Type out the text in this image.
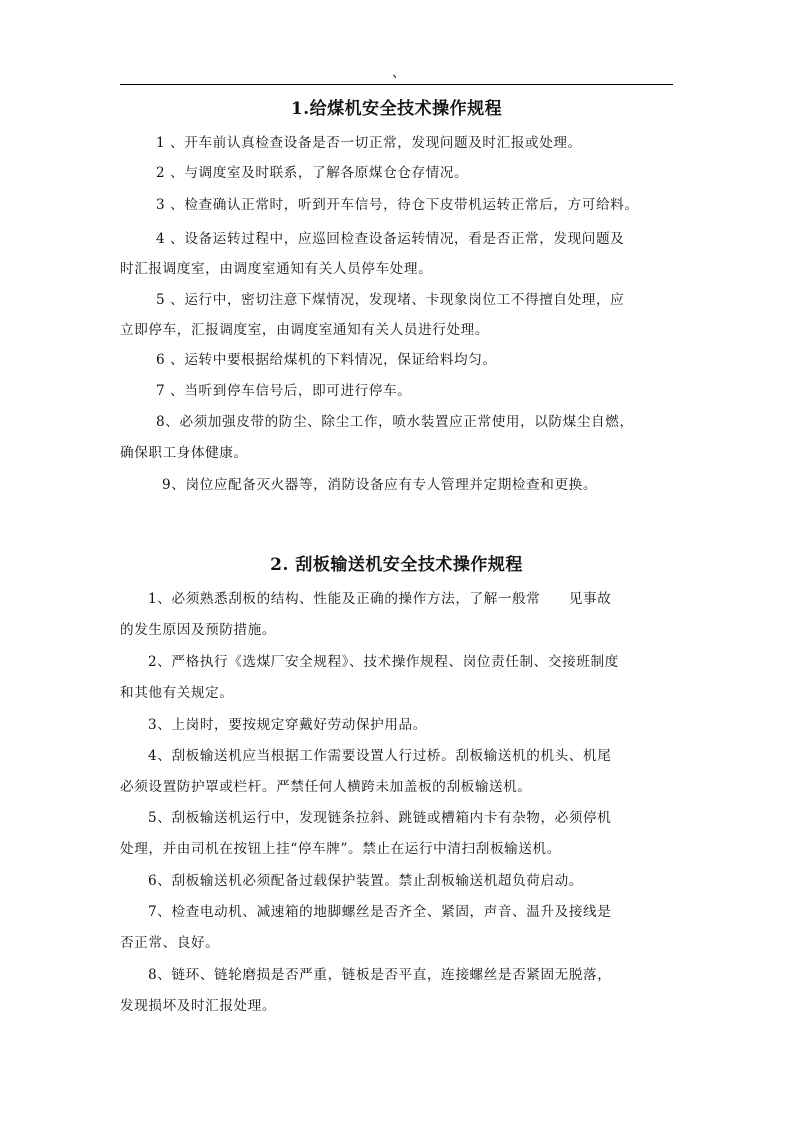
、
1.给煤机安全技术操作规程
1 、开车前认真检查设备是否一切正常，发现问题及时汇报或处理。
2 、与调度室及时联系，了解各原煤仓仓存情况。
3 、检查确认正常时，听到开车信号，待仓下皮带机运转正常后，方可给料。
4 、设备运转过程中，应巡回检查设备运转情况，看是否正常，发现问题及
时汇报调度室，由调度室通知有关人员停车处理。
5 、运行中，密切注意下煤情况，发现堵、卡现象岗位工不得擅自处理，应
立即停车，汇报调度室，由调度室通知有关人员进行处理。
6 、运转中要根据给煤机的下料情况，保证给料均匀。
7 、当听到停车信号后，即可进行停车。
8、必须加强皮带的防尘、除尘工作，喷水装置应正常使用，以防煤尘自燃，
确保职工身体健康。
9、岗位应配备灭火器等，消防设备应有专人管理并定期检查和更换。
2. 刮板输送机安全技术操作规程
1、必须熟悉刮板的结构、性能及正确的操作方法，了解一般常　　见事故
的发生原因及预防措施。
2、严格执行《选煤厂安全规程》、技术操作规程、岗位责任制、交接班制度
和其他有关规定。
3、上岗时，要按规定穿戴好劳动保护用品。
4、刮板输送机应当根据工作需要设置人行过桥。刮板输送机的机头、机尾
必须设置防护罩或栏杆。严禁任何人横跨未加盖板的刮板输送机。
5、刮板输送机运行中，发现链条拉斜、跳链或槽箱内卡有杂物，必须停机
处理，并由司机在按钮上挂“停车牌”。禁止在运行中清扫刮板输送机。
6、刮板输送机必须配备过载保护装置。禁止刮板输送机超负荷启动。
7、检查电动机、减速箱的地脚螺丝是否齐全、紧固，声音、温升及接线是
否正常、良好。
8、链环、链轮磨损是否严重，链板是否平直，连接螺丝是否紧固无脱落，
发现损坏及时汇报处理。
